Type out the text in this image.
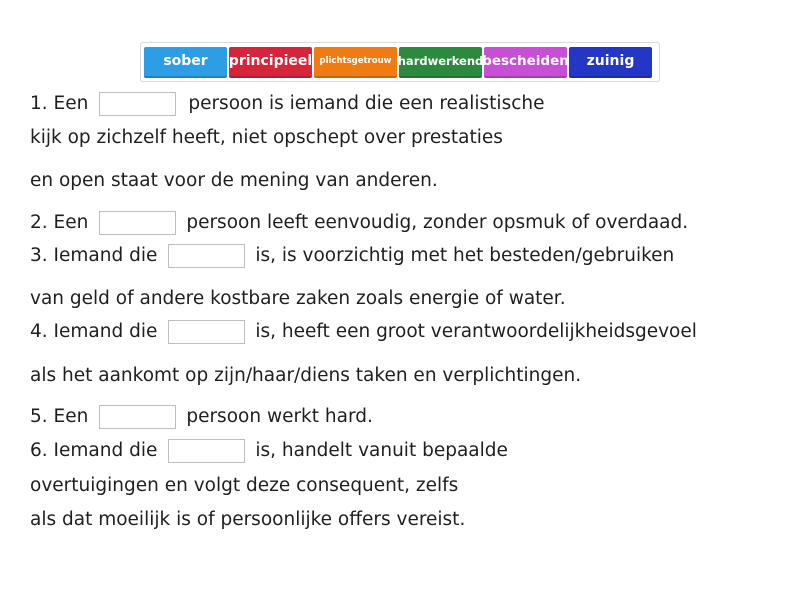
sober	principieel plichtsgetrouw hardwerkend
bescheiden	zuinig
1. Een	persoon is iemand die een realistische
kijk op zichzelf heeft, niet opschept over prestaties
en open staat voor de mening van anderen.
2. Een	persoon leeft eenvoudig, zonder opsmuk of overdaad.
3. Iemand die	is, is voorzichtig met het besteden/gebruiken
van geld of andere kostbare zaken zoals energie of water.
4. Iemand die	is, heeft een groot verantwoordelijkheidsgevoel
als het aankomt op zijn/haar/diens taken en verplichtingen.
5. Een	persoon werkt hard.
6. Iemand die	is, handelt vanuit bepaalde
overtuigingen en volgt deze consequent, zelfs
als dat moeilijk is of persoonlijke offers vereist.
